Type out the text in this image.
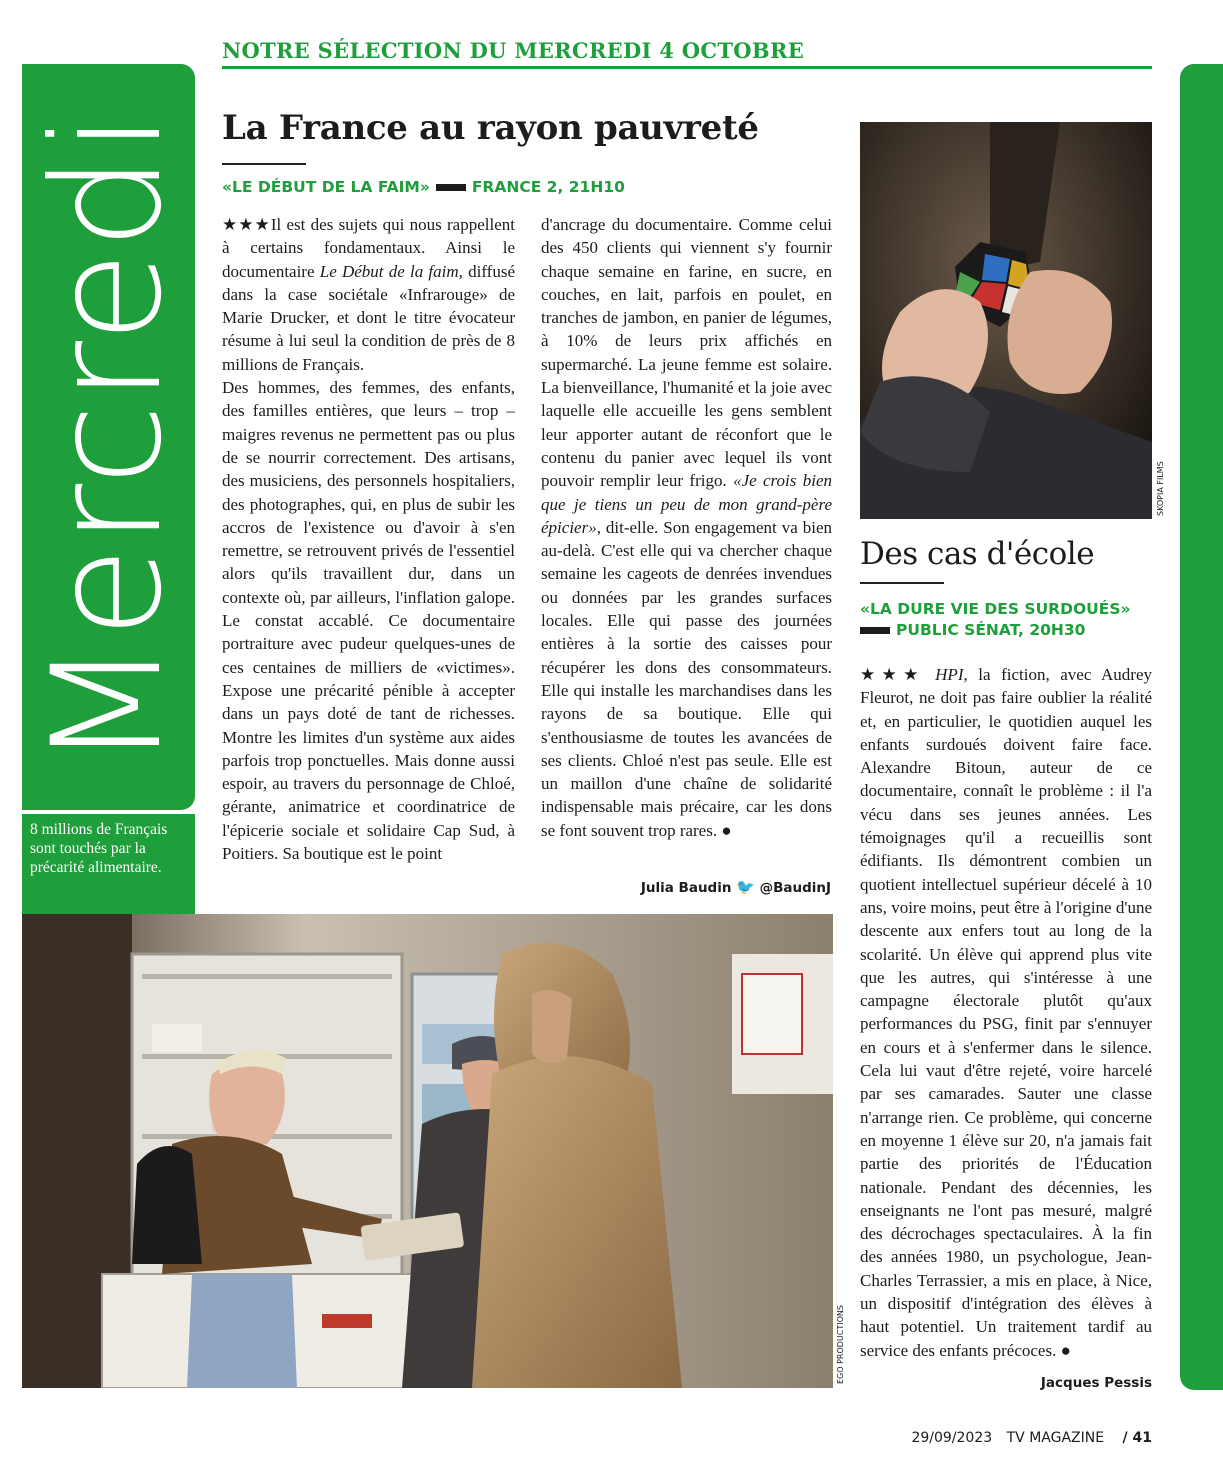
NOTRE SÉLECTION DU MERCREDI 4 OCTOBRE
Mercredi
8 millions de Français sont touchés par la précarité alimentaire.
La France au rayon pauvreté
«LE DÉBUT DE LA FAIM»	FRANCE 2, 21H10

★★★Il est des sujets qui nous rappellent à certains fondamentaux. Ainsi le documentaire Le Début de la faim, diffusé dans la case sociétale «Infrarouge» de Marie Drucker, et dont le titre évocateur résume à lui seul la condition de près de 8 millions de Français.

Des hommes, des femmes, des enfants, des familles entières, que leurs – trop – maigres revenus ne permettent pas ou plus de se nourrir correctement. Des artisans, des musiciens, des personnels hospitaliers, des photographes, qui, en plus de subir les accros de l'existence ou d'avoir à s'en remettre, se retrouvent privés de l'essentiel alors qu'ils travaillent dur, dans un contexte où, par ailleurs, l'inflation galope. Le constat accablé. Ce documentaire portraiture avec pudeur quelques-unes de ces centaines de milliers de «victimes». Expose une précarité pénible à accepter dans un pays doté de tant de richesses. Montre les limites d'un système aux aides parfois trop ponctuelles. Mais donne aussi espoir, au travers du personnage de Chloé, gérante, animatrice et coordinatrice de l'épicerie sociale et solidaire Cap Sud, à Poitiers. Sa boutique est le point

d'ancrage du documentaire. Comme celui des 450 clients qui viennent s'y fournir chaque semaine en farine, en sucre, en couches, en lait, parfois en poulet, en tranches de jambon, en panier de légumes, à 10% de leurs prix affichés en supermarché. La jeune femme est solaire. La bienveillance, l'humanité et la joie avec laquelle elle accueille les gens semblent leur apporter autant de réconfort que le contenu du panier avec lequel ils vont pouvoir remplir leur frigo. «Je crois bien que je tiens un peu de mon grand-père épicier», dit-elle. Son engagement va bien au-delà. C'est elle qui va chercher chaque semaine les cageots de denrées invendues ou données par les grandes surfaces locales. Elle qui passe des journées entières à la sortie des caisses pour récupérer les dons des consommateurs. Elle qui installe les marchandises dans les rayons de sa boutique. Elle qui s'enthousiasme de toutes les avancées de ses clients. Chloé n'est pas seule. Elle est un maillon d'une chaîne de solidarité indispensable mais précaire, car les dons se font souvent trop rares. ●

Julia Baudin 🐦 @BaudinJ
EGO PRODUCTIONS
SKOPIA FILMS
Des cas d'école
«LA DURE VIE DES SURDOUÉS»
PUBLIC SÉNAT, 20H30

★★★ HPI, la fiction, avec Audrey Fleurot, ne doit pas faire oublier la réalité et, en particulier, le quotidien auquel les enfants surdoués doivent faire face. Alexandre Bitoun, auteur de ce documentaire, connaît le problème : il l'a vécu dans ses jeunes années. Les témoignages qu'il a recueillis sont édifiants. Ils démontrent combien un quotient intellectuel supérieur décelé à 10 ans, voire moins, peut être à l'origine d'une descente aux enfers tout au long de la scolarité. Un élève qui apprend plus vite que les autres, qui s'intéresse à une campagne électorale plutôt qu'aux performances du PSG, finit par s'ennuyer en cours et à s'enfermer dans le silence. Cela lui vaut d'être rejeté, voire harcelé par ses camarades. Sauter une classe n'arrange rien. Ce problème, qui concerne en moyenne 1 élève sur 20, n'a jamais fait partie des priorités de l'Éducation nationale. Pendant des décennies, les enseignants ne l'ont pas mesuré, malgré des décrochages spectaculaires. À la fin des années 1980, un psychologue, Jean-Charles Terrassier, a mis en place, à Nice, un dispositif d'intégration des élèves à haut potentiel. Un traitement tardif au service des enfants précoces. ●

Jacques Pessis
29/09/2023 TV MAGAZINE / 41
